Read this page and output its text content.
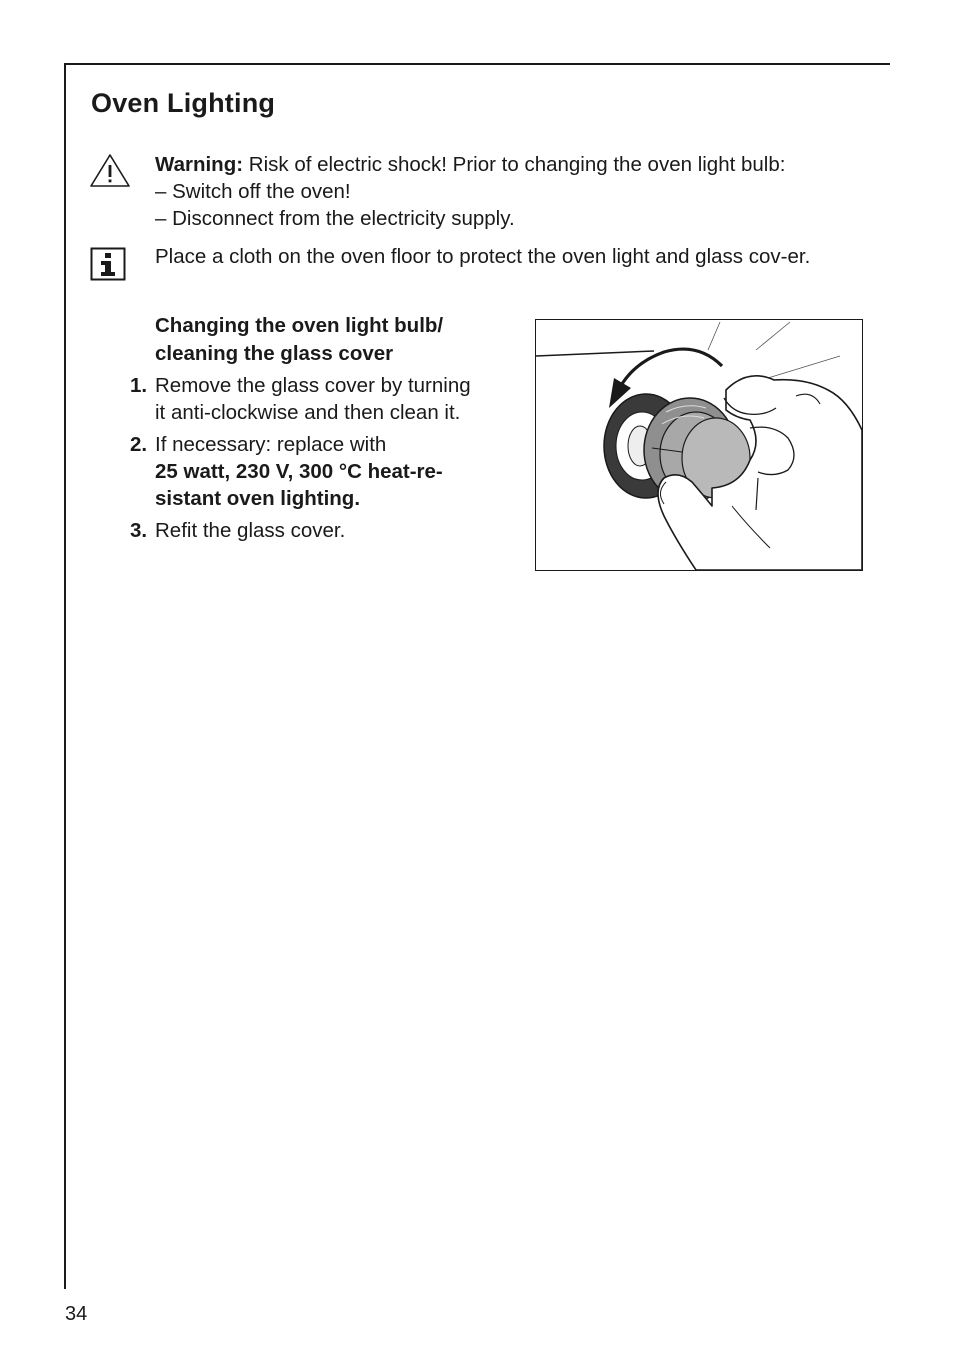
Oven Lighting

Warning: Risk of electric shock! Prior to changing the oven light bulb:

– Switch off the oven!

– Disconnect from the electricity supply.

Place a cloth on the oven floor to protect the oven light and glass cov-er.

Changing the oven light bulb/
cleaning the glass cover
1. Remove the glass cover by turning
it anti-clockwise and then clean it.
2. If necessary: replace with
25 watt, 230 V, 300 °C heat-re-
sistant oven lighting.
3. Refit the glass cover.
34
